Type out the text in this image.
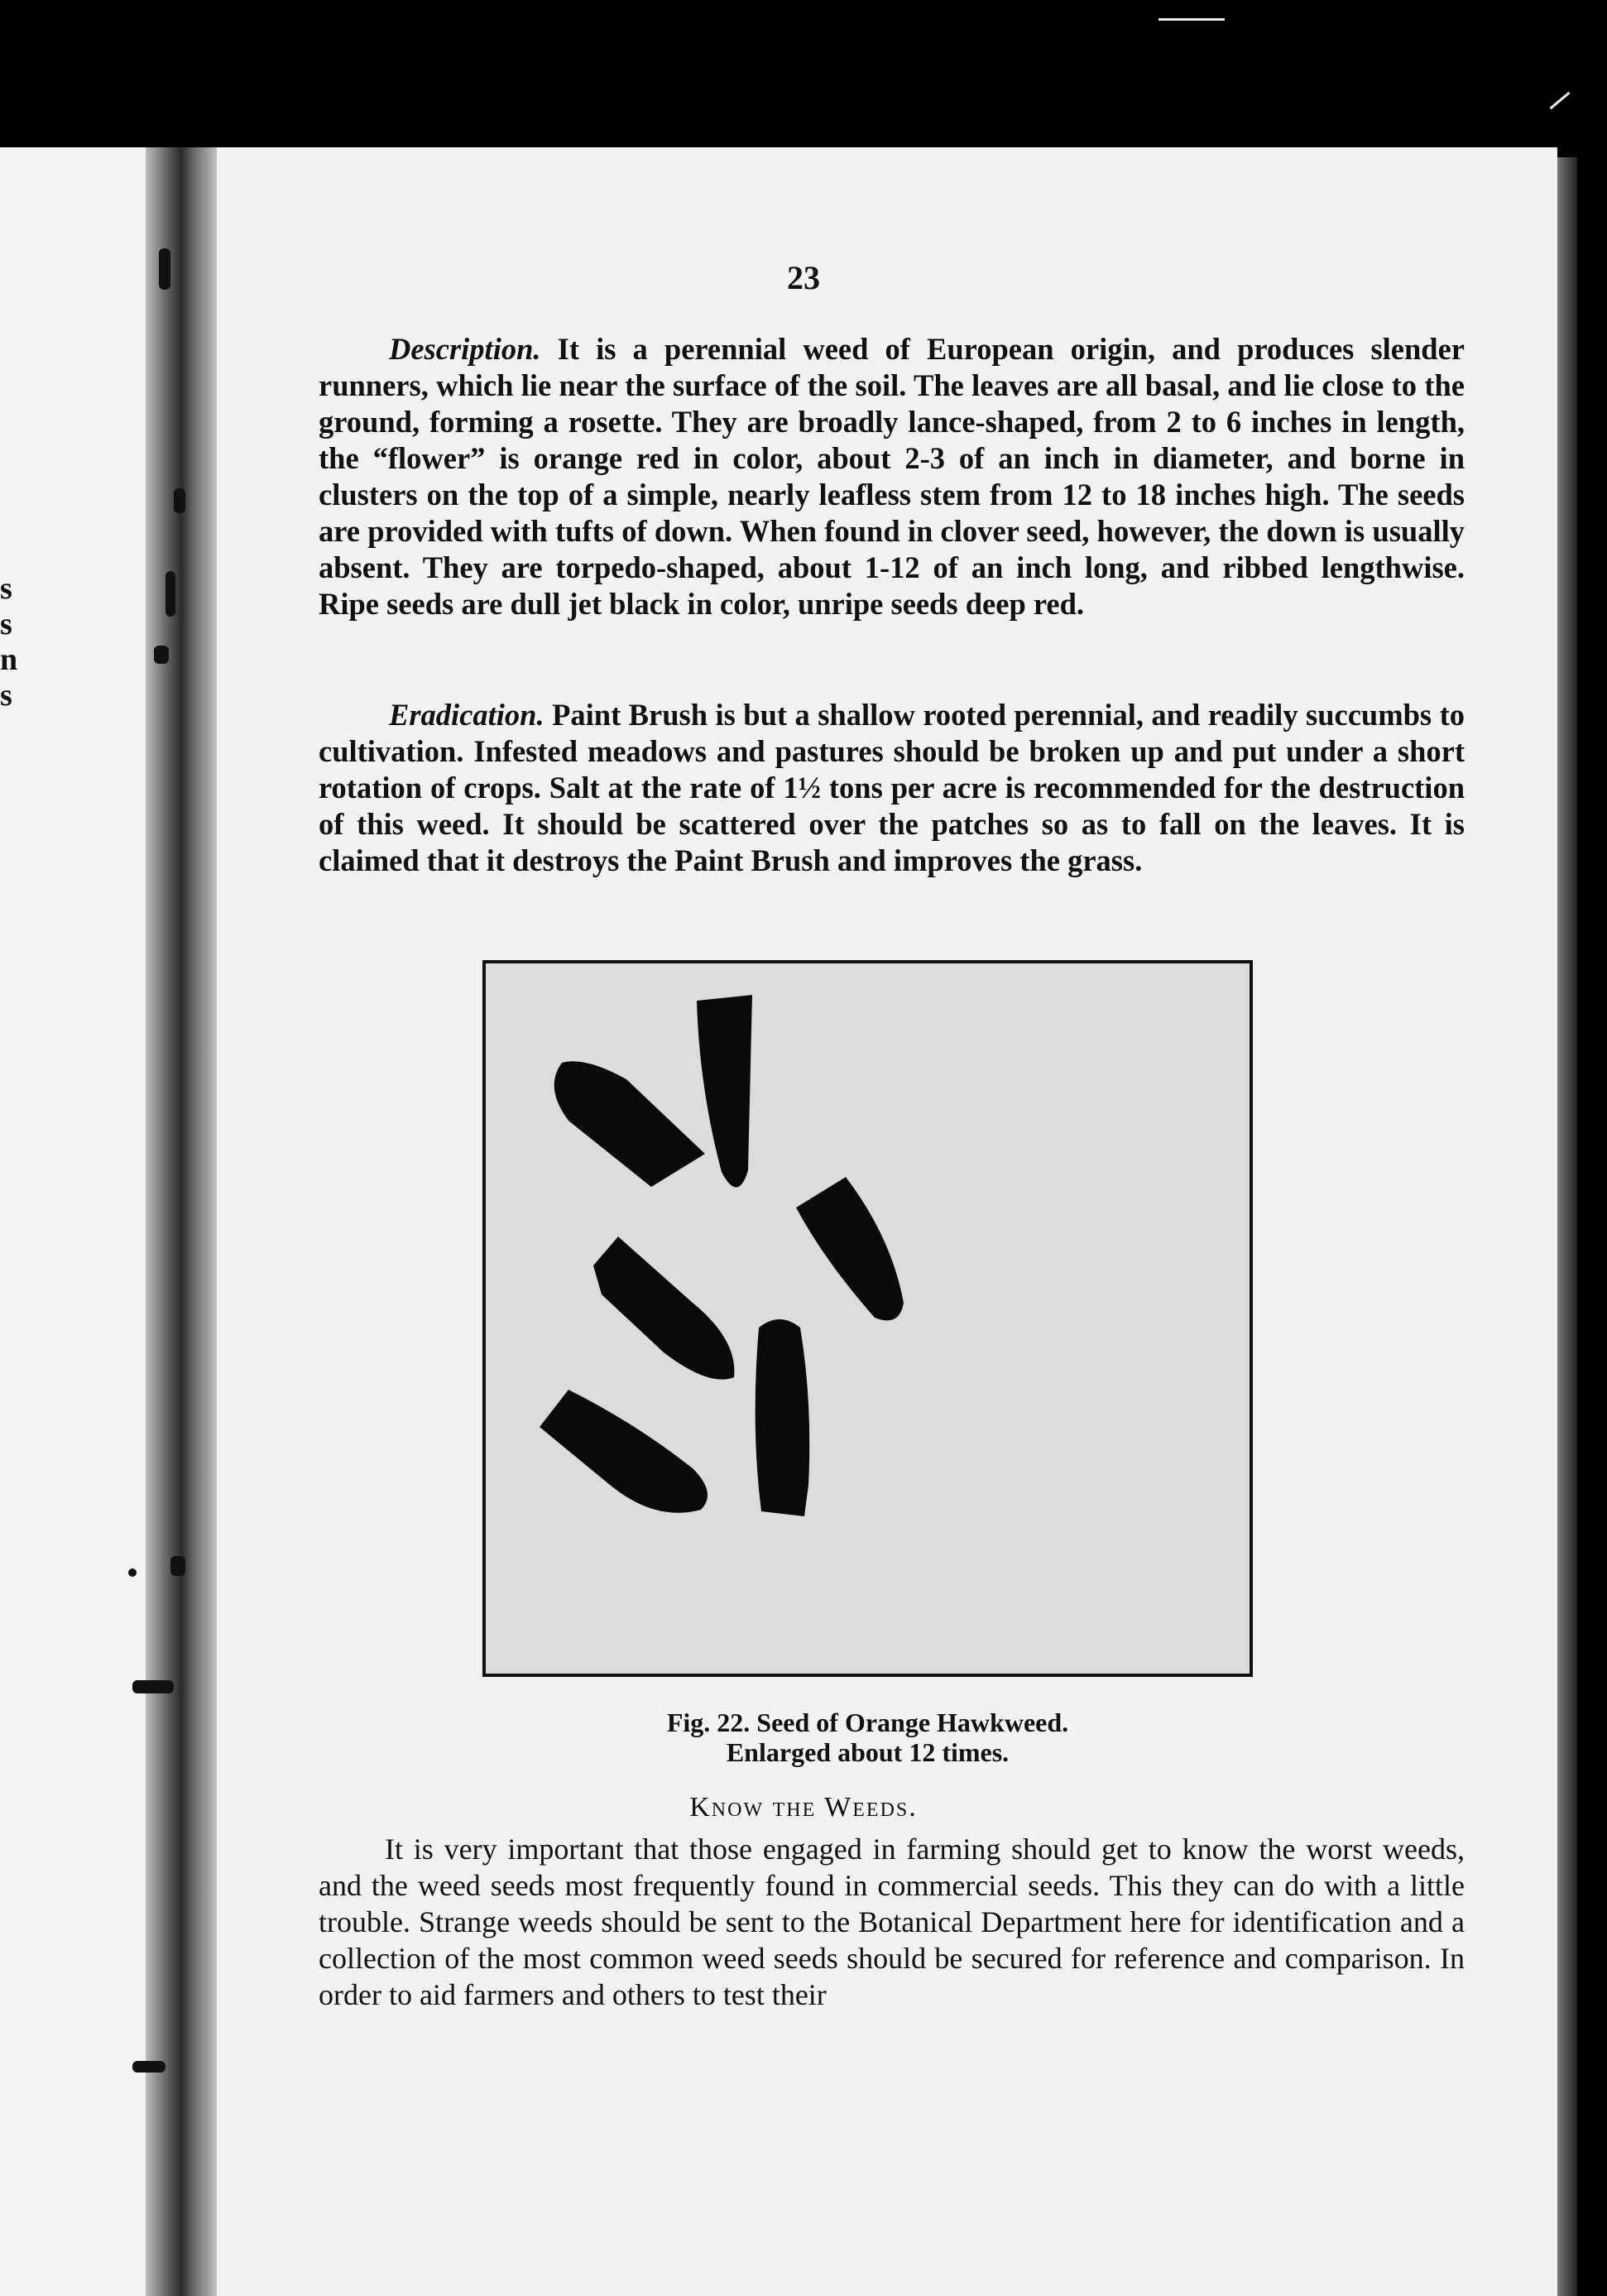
s
s
n
s
23

Description. It is a perennial weed of European origin, and produces slender runners, which lie near the surface of the soil. The leaves are all basal, and lie close to the ground, forming a rosette. They are broadly lance-shaped, from 2 to 6 inches in length, the “flower” is orange red in color, about 2-3 of an inch in diameter, and borne in clusters on the top of a simple, nearly leafless stem from 12 to 18 inches high. The seeds are provided with tufts of down. When found in clover seed, however, the down is usually absent. They are torpedo-shaped, about 1-12 of an inch long, and ribbed lengthwise. Ripe seeds are dull jet black in color, unripe seeds deep red.

Eradication. Paint Brush is but a shallow rooted perennial, and readily succumbs to cultivation. Infested meadows and pastures should be broken up and put under a short rotation of crops. Salt at the rate of 1½ tons per acre is recommended for the destruction of this weed. It should be scattered over the patches so as to fall on the leaves. It is claimed that it destroys the Paint Brush and improves the grass.

Fig. 22. Seed of Orange Hawkweed.
Enlarged about 12 times.
Know the Weeds.

It is very important that those engaged in farming should get to know the worst weeds, and the weed seeds most frequently found in commercial seeds. This they can do with a little trouble. Strange weeds should be sent to the Botanical Department here for identification and a collection of the most common weed seeds should be secured for reference and comparison. In order to aid farmers and others to test their
